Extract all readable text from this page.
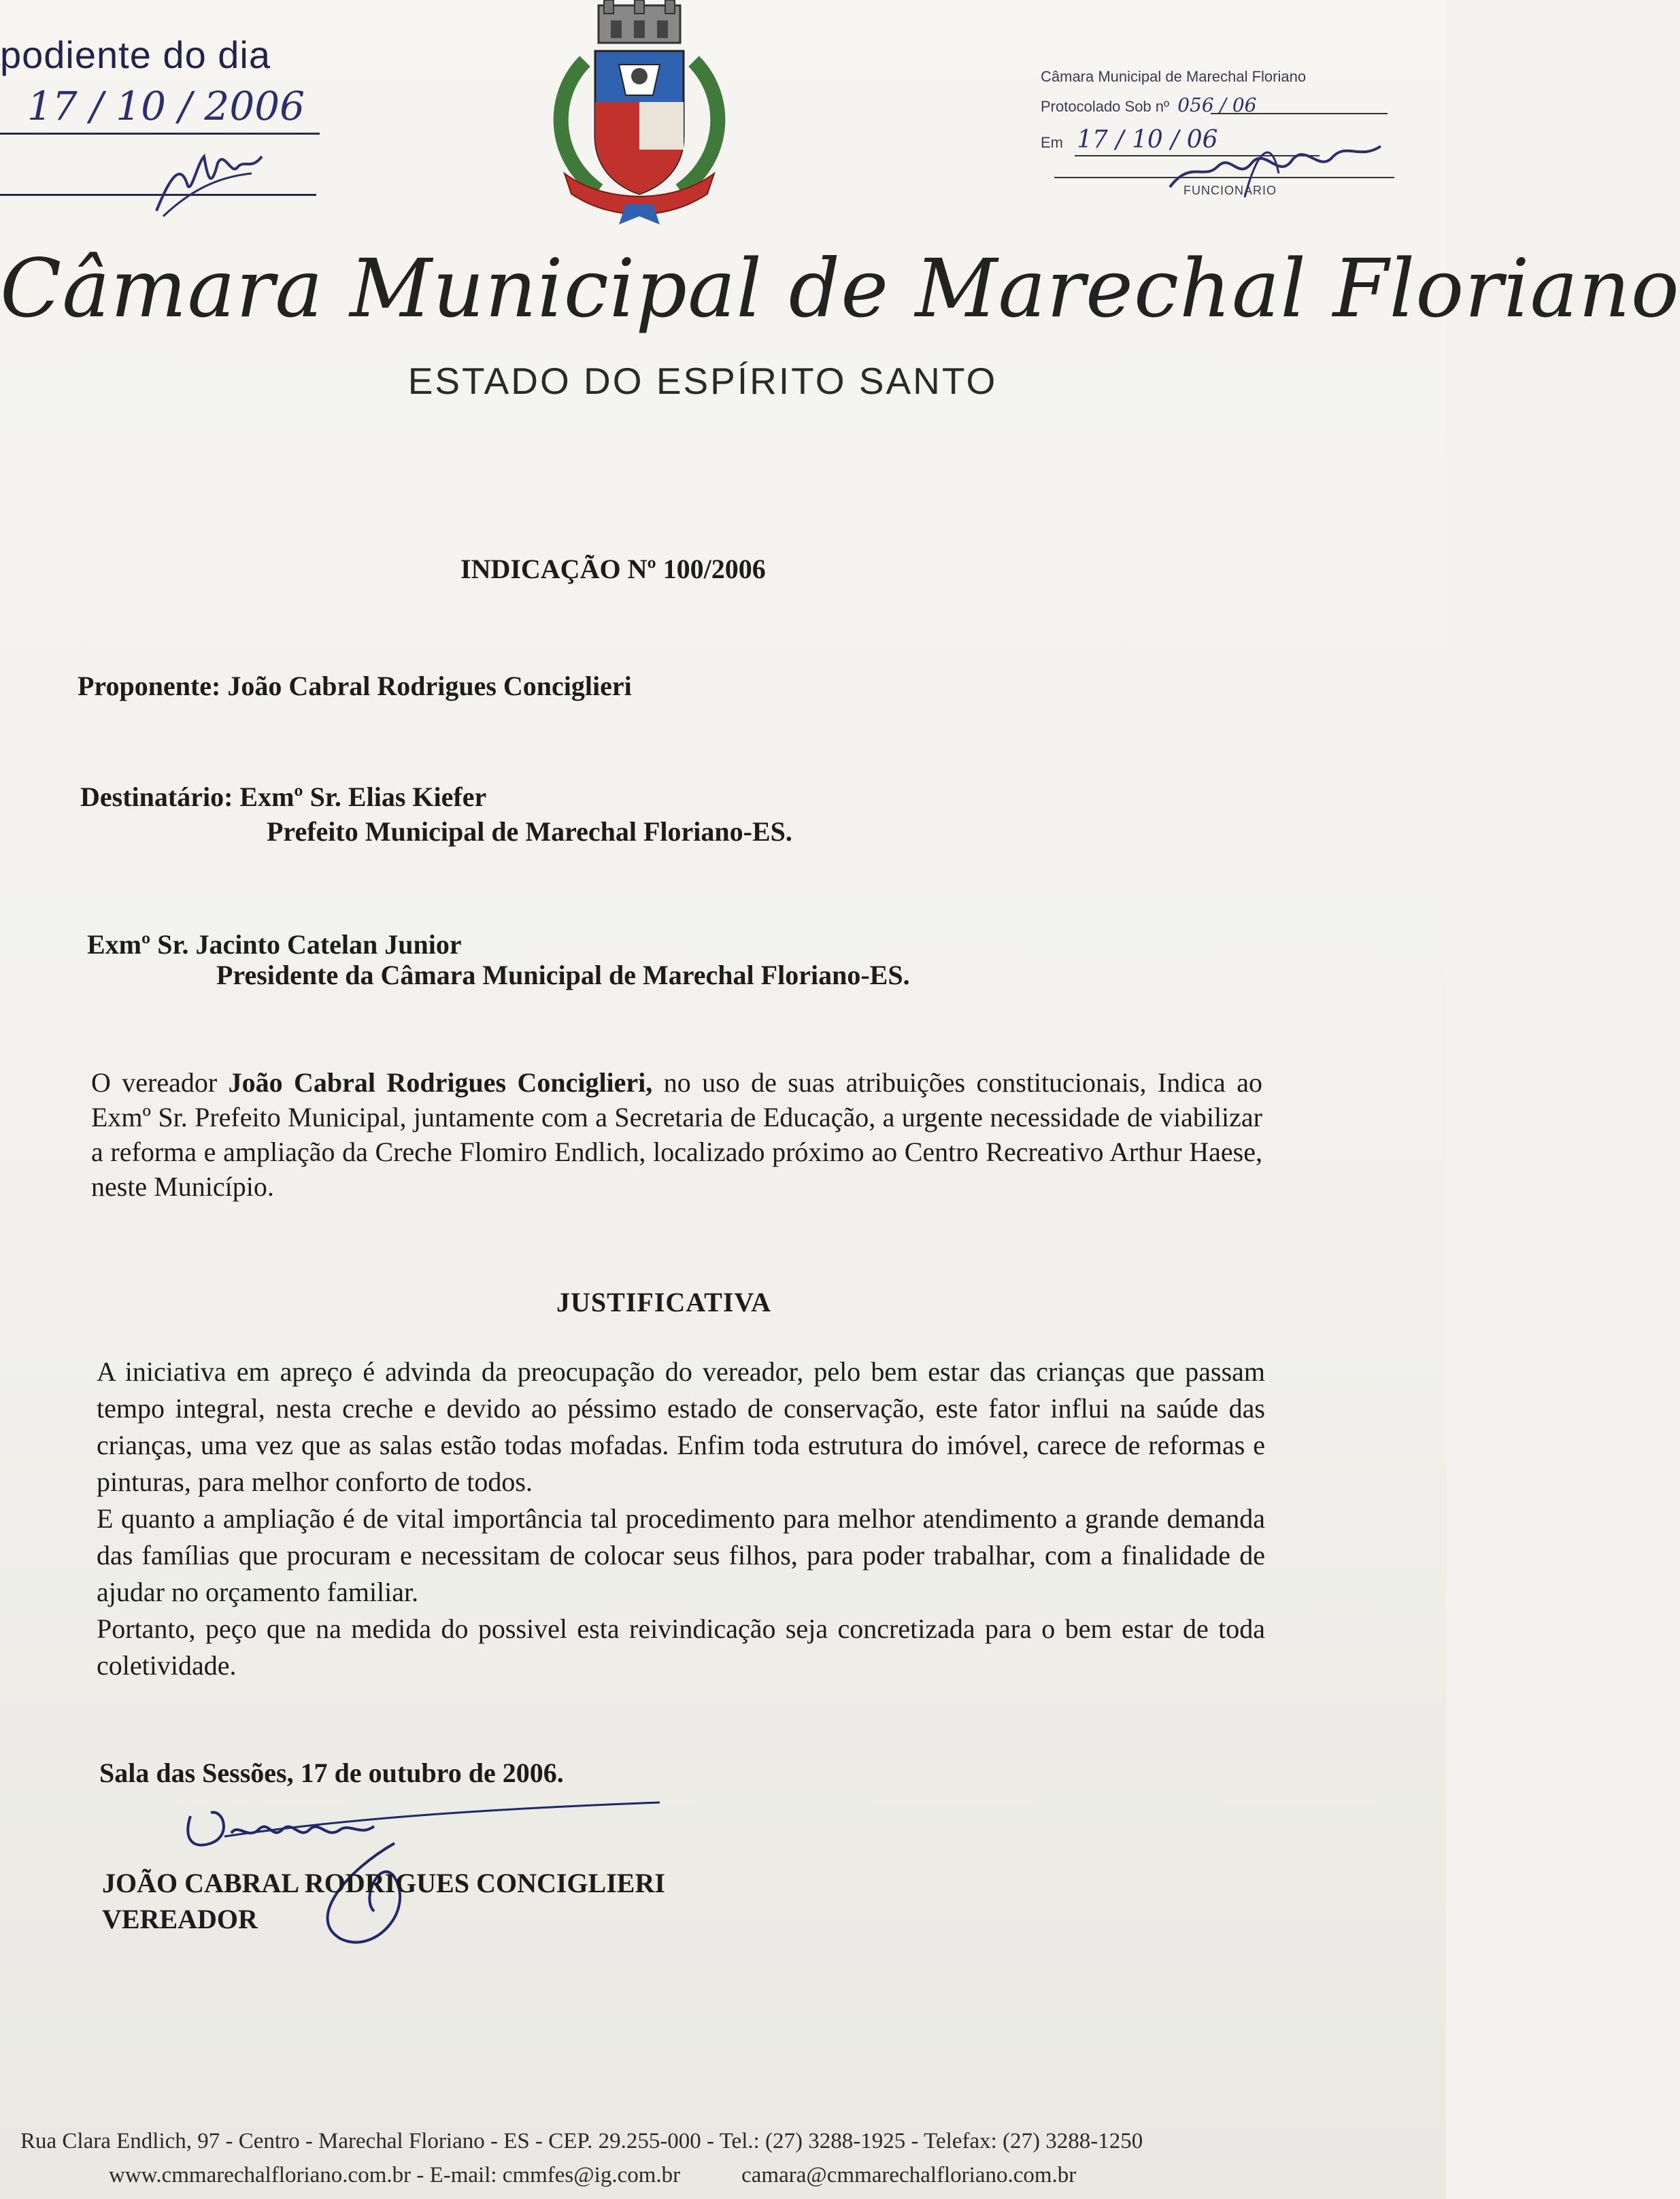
podiente do dia
17 / 10 / 2006
Câmara Municipal de Marechal Floriano
Protocolado Sob nº 056 / 06
Em 17 / 10 / 06
FUNCIONÁRIO
Câmara Municipal de Marechal Floriano
ESTADO DO ESPÍRITO SANTO
INDICAÇÃO Nº 100/2006
Proponente: João Cabral Rodrigues Conciglieri
Destinatário: Exmº Sr. Elias Kiefer
Prefeito Municipal de Marechal Floriano-ES.
Exmº Sr. Jacinto Catelan Junior
Presidente da Câmara Municipal de Marechal Floriano-ES.
O vereador João Cabral Rodrigues Conciglieri, no uso de suas atribuições constitucionais, Indica ao Exmº Sr. Prefeito Municipal, juntamente com a Secretaria de Educação, a urgente necessidade de viabilizar a reforma e ampliação da Creche Flomiro Endlich, localizado próximo ao Centro Recreativo Arthur Haese, neste Município.
JUSTIFICATIVA

A iniciativa em apreço é advinda da preocupação do vereador, pelo bem estar das crianças que passam tempo integral, nesta creche e devido ao péssimo estado de conservação, este fator influi na saúde das crianças, uma vez que as salas estão todas mofadas. Enfim toda estrutura do imóvel, carece de reformas e pinturas, para melhor conforto de todos.

E quanto a ampliação é de vital importância tal procedimento para melhor atendimento a grande demanda das famílias que procuram e necessitam de colocar seus filhos, para poder trabalhar, com a finalidade de ajudar no orçamento familiar.

Portanto, peço que na medida do possivel esta reivindicação seja concretizada para o bem estar de toda coletividade.

Sala das Sessões, 17 de outubro de 2006.
JOÃO CABRAL RODRIGUES CONCIGLIERI
VEREADOR
Rua Clara Endlich, 97 - Centro - Marechal Floriano - ES - CEP. 29.255-000 - Tel.: (27) 3288-1925 - Telefax: (27) 3288-1250
www.cmmarechalfloriano.com.br - E-mail: cmmfes@ig.com.br	camara@cmmarechalfloriano.com.br
